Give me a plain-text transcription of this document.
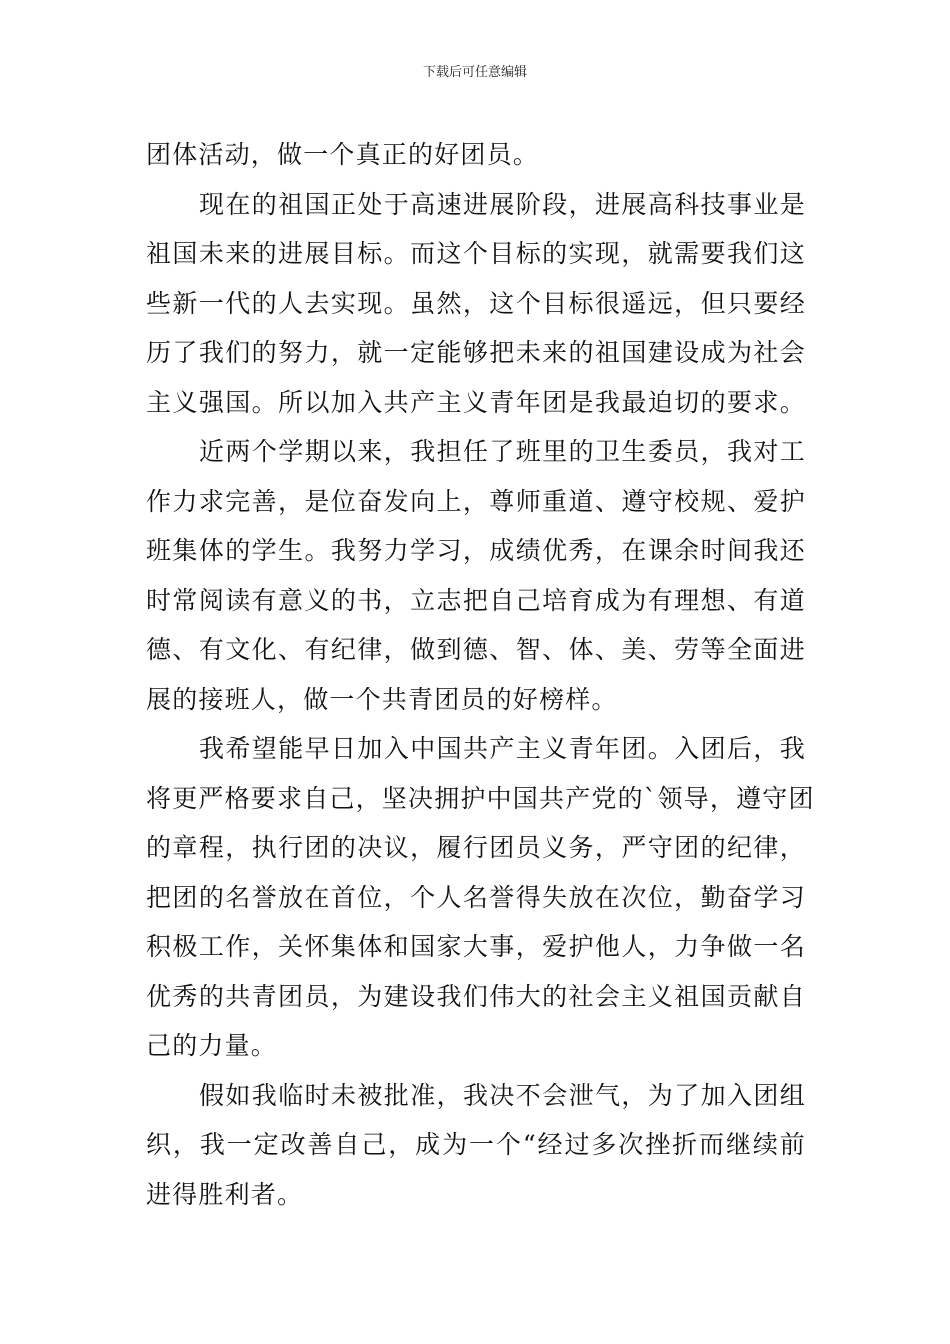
下载后可任意编辑
团体活动，做一个真正的好团员。
现在的祖国正处于高速进展阶段，进展高科技事业是
祖国未来的进展目标。而这个目标的实现，就需要我们这
些新一代的人去实现。虽然，这个目标很遥远，但只要经
历了我们的努力，就一定能够把未来的祖国建设成为社会
主义强国。所以加入共产主义青年团是我最迫切的要求。
近两个学期以来，我担任了班里的卫生委员，我对工
作力求完善，是位奋发向上，尊师重道、遵守校规、爱护
班集体的学生。我努力学习，成绩优秀，在课余时间我还
时常阅读有意义的书，立志把自己培育成为有理想、有道
德、有文化、有纪律，做到德、智、体、美、劳等全面进
展的接班人，做一个共青团员的好榜样。
我希望能早日加入中国共产主义青年团。入团后，我
将更严格要求自己，坚决拥护中国共产党的`领导，遵守团
的章程，执行团的决议，履行团员义务，严守团的纪律，
把团的名誉放在首位，个人名誉得失放在次位，勤奋学习
积极工作，关怀集体和国家大事，爱护他人，力争做一名
优秀的共青团员，为建设我们伟大的社会主义祖国贡献自
己的力量。
假如我临时未被批准，我决不会泄气，为了加入团组
织，我一定改善自己，成为一个“经过多次挫折而继续前
进得胜利者。
